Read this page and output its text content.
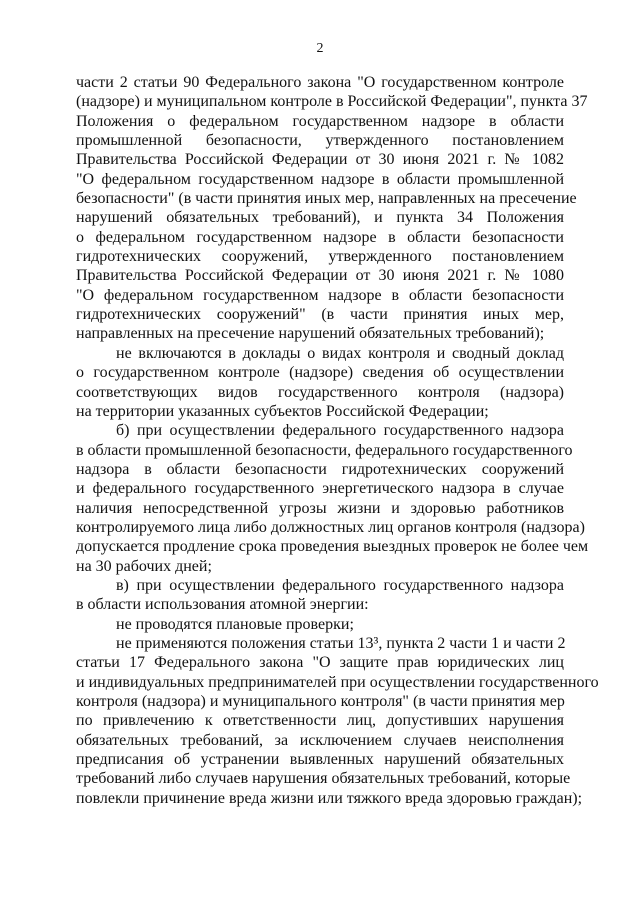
2
части 2 статьи 90 Федерального закона "О государственном контроле
(надзоре) и муниципальном контроле в Российской Федерации", пункта 37
Положения о федеральном государственном надзоре в области
промышленной безопасности, утвержденного постановлением
Правительства Российской Федерации от 30 июня 2021 г. № 1082
"О федеральном государственном надзоре в области промышленной
безопасности" (в части принятия иных мер, направленных на пресечение
нарушений обязательных требований), и пункта 34 Положения
о федеральном государственном надзоре в области безопасности
гидротехнических сооружений, утвержденного постановлением
Правительства Российской Федерации от 30 июня 2021 г. № 1080
"О федеральном государственном надзоре в области безопасности
гидротехнических сооружений" (в части принятия иных мер,
направленных на пресечение нарушений обязательных требований);
не включаются в доклады о видах контроля и сводный доклад
о государственном контроле (надзоре) сведения об осуществлении
соответствующих видов государственного контроля (надзора)
на территории указанных субъектов Российской Федерации;
б) при осуществлении федерального государственного надзора
в области промышленной безопасности, федерального государственного
надзора в области безопасности гидротехнических сооружений
и федерального государственного энергетического надзора в случае
наличия непосредственной угрозы жизни и здоровью работников
контролируемого лица либо должностных лиц органов контроля (надзора)
допускается продление срока проведения выездных проверок не более чем
на 30 рабочих дней;
в) при осуществлении федерального государственного надзора
в области использования атомной энергии:
не проводятся плановые проверки;
не применяются положения статьи 13³, пункта 2 части 1 и части 2
статьи 17 Федерального закона "О защите прав юридических лиц
и индивидуальных предпринимателей при осуществлении государственного
контроля (надзора) и муниципального контроля" (в части принятия мер
по привлечению к ответственности лиц, допустивших нарушения
обязательных требований, за исключением случаев неисполнения
предписания об устранении выявленных нарушений обязательных
требований либо случаев нарушения обязательных требований, которые
повлекли причинение вреда жизни или тяжкого вреда здоровью граждан);
